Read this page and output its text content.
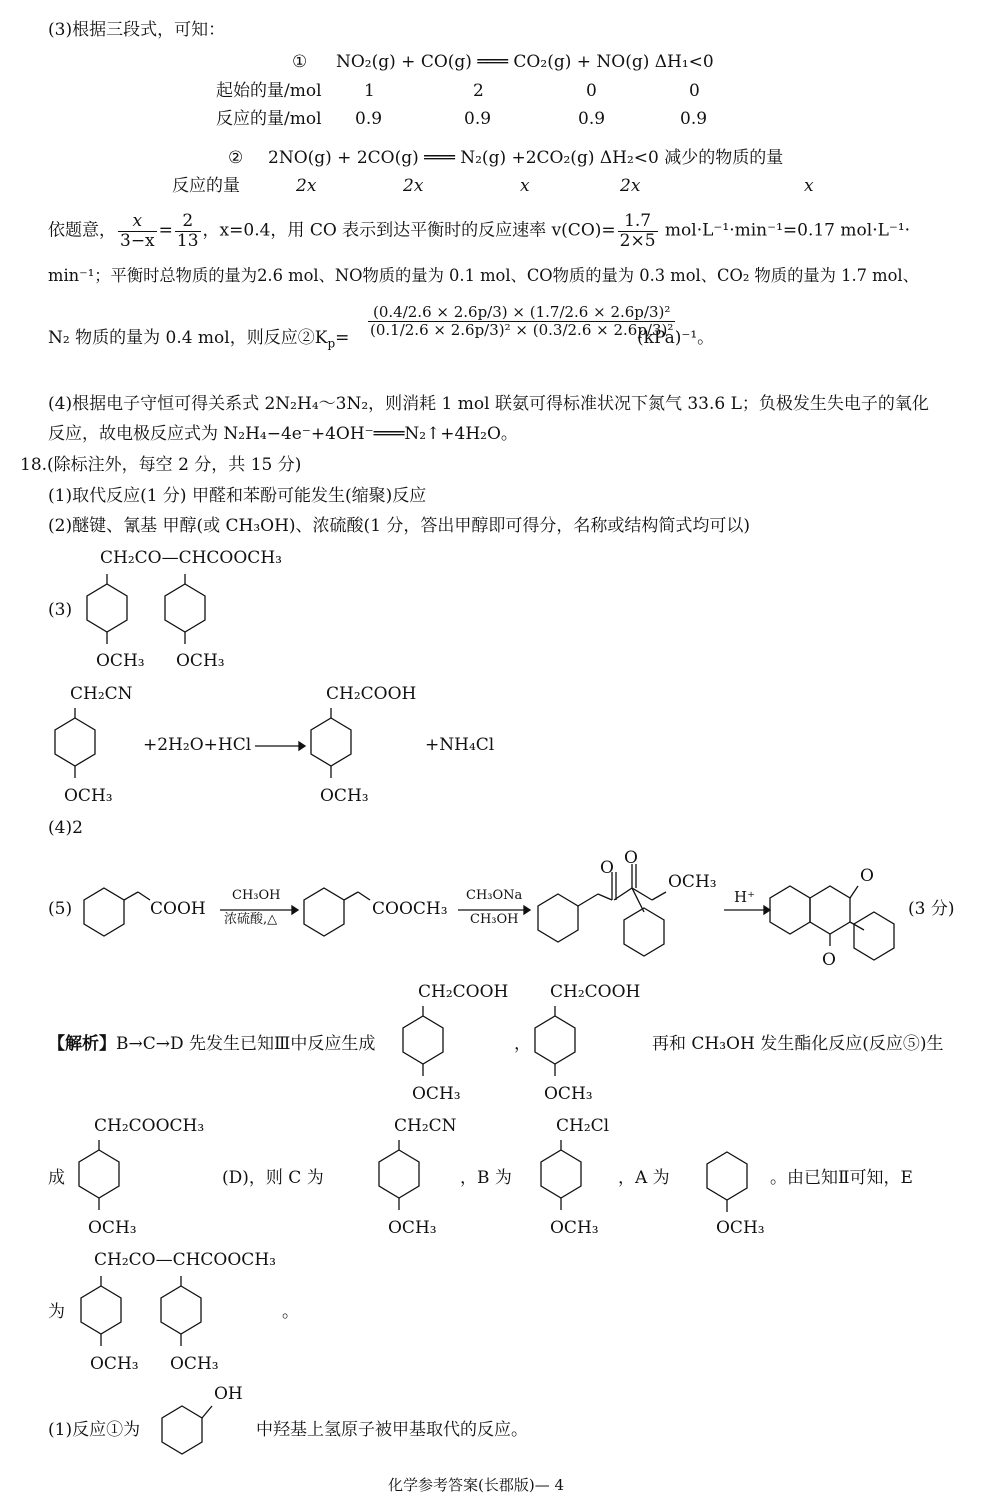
(3)根据三段式，可知：
① NO₂(g) + CO(g) ═══ CO₂(g) + NO(g) ΔH₁<0
起始的量/mol 1	2	0	0
反应的量/mol 0.9	0.9	0.9	0.9
② 2NO(g) + 2CO(g) ═══ N₂(g) +2CO₂(g) ΔH₂<0 减少的物质的量
反应的量	2x	2x	x	2x	x
依题意， $\frac{x}{3-x} = \frac{2}{13}$ ，x=0.4，用 CO 表示到达平衡时的反应速率 $v(CO)= \frac{1.7}{2\times 5} mol\cdot L^{-1}\cdot\min^{-1}=0.17$ mol·L⁻¹·
min⁻¹；平衡时总物质的量为2.6 mol、NO物质的量为 0.1 mol、CO物质的量为 0.3 mol、CO₂ 物质的量为 1.7 mol、
N₂ 物质的量为 0.4 mol，则反应$②K_p= \frac{\text{(0.4/2.6 × 2.6p/3) × (1.7/2.6 × 2.6p/3)²}}{\text{(0.1/2.6 × 2.6p/3)² × (0.3/2.6 × 2.6p/3)²}}$
(kPa)⁻¹。
(4)根据电子守恒可得关系式 2N₂H₄～3N₂，则消耗 1 mol 联氨可得标准状况下氮气 33.6 L；负极发生失电子的氧化
反应，故电极反应式为 N₂H₄−4e⁻+4OH⁻═══N₂↑+4H₂O。
18.(除标注外，每空 2 分，共 15 分)
(1)取代反应(1 分) 甲醛和苯酚可能发生(缩聚)反应
(2)醚键、氰基 甲醇(或 CH₃OH)、浓硫酸(1 分，答出甲醇即可得分，名称或结构简式均可以)
(3)
CH₂CO—CHCOOCH₃
OCH₃ OCH₃
CH₂CN
OCH₃
+2H₂O+HCl →
CH₂COOH
OCH₃
+NH₄Cl
(4)2
(5)	COOH
CH₃OH
浓硫酸,△
COOCH₃
CH₃ONa
CH₃OH
O O
OCH₃
H⁺
O
O
(3 分)
【解析】B→C→D 先发生已知Ⅲ中反应生成
CH₂COOH
OCH₃
，
CH₂COOH
OCH₃
再和 CH₃OH 发生酯化反应(反应⑤)生
成
CH₂COOCH₃
OCH₃
(D)，则 C 为
CH₂CN
OCH₃
，B 为
CH₂Cl
OCH₃
，A 为
OCH₃
。由已知Ⅱ可知，E
为
CH₂CO—CHCOOCH₃
OCH₃ OCH₃
。
(1)反应①为
OH
中羟基上氢原子被甲基取代的反应。
化学参考答案(长郡版)— 4
